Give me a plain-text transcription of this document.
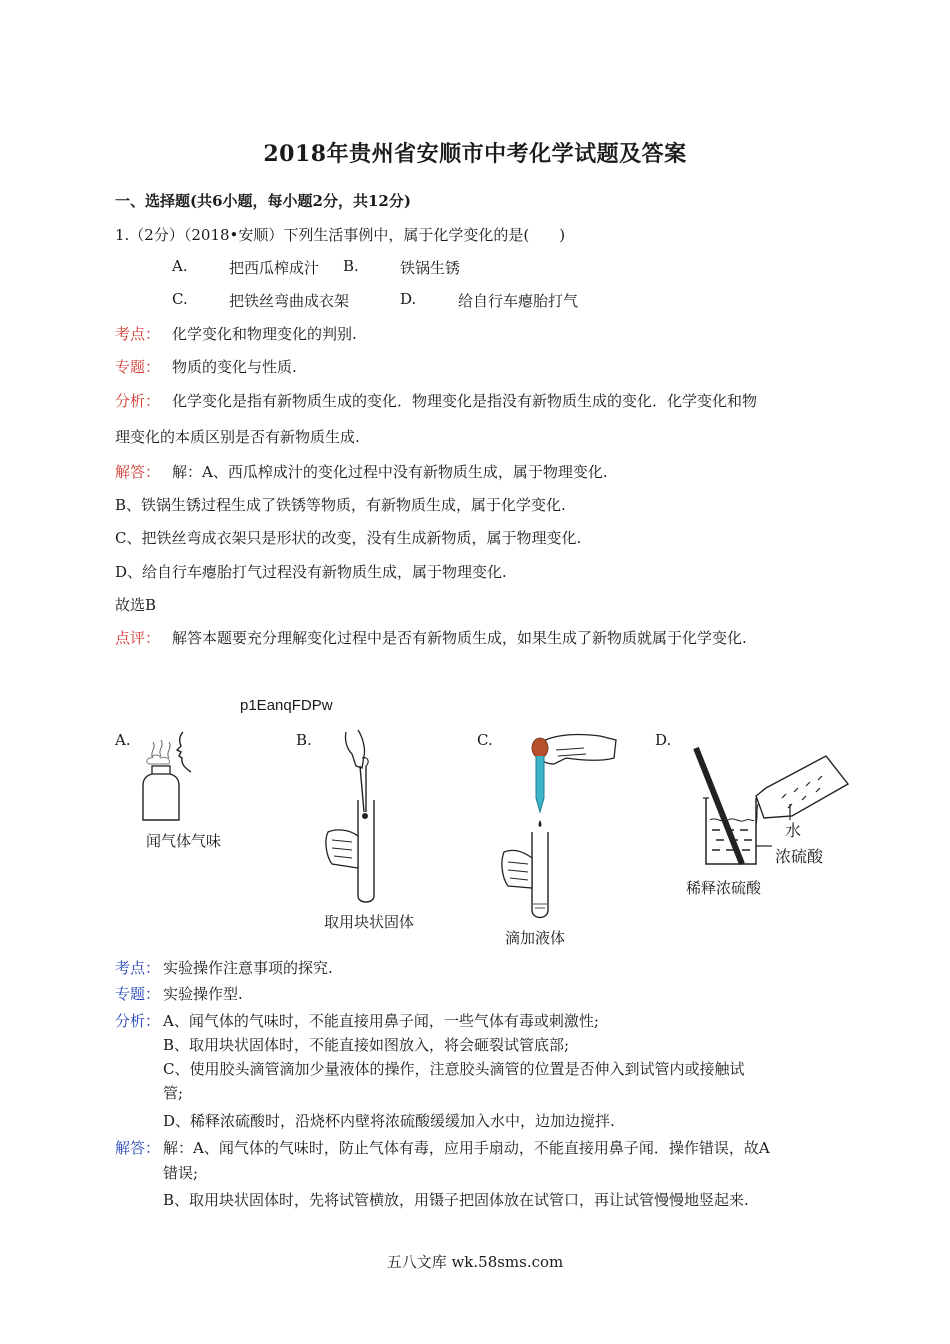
2018年贵州省安顺市中考化学试题及答案
一、选择题(共6小题，每小题2分，共12分)
1.（2分）（2018•安顺）下列生活事例中，属于化学变化的是(　　)
A.	把西瓜榨成汁 B.	铁锅生锈
C.	把铁丝弯曲成衣架	D.	给自行车瘪胎打气
考点： 化学变化和物理变化的判别.
专题： 物质的变化与性质.
分析： 化学变化是指有新物质生成的变化．物理变化是指没有新物质生成的变化．化学变化和物
理变化的本质区别是否有新物质生成.
解答： 解：A、西瓜榨成汁的变化过程中没有新物质生成，属于物理变化.
B、铁锅生锈过程生成了铁锈等物质，有新物质生成，属于化学变化.
C、把铁丝弯成衣架只是形状的改变，没有生成新物质，属于物理变化.
D、给自行车瘪胎打气过程没有新物质生成，属于物理变化.
故选B
点评： 解答本题要充分理解变化过程中是否有新物质生成，如果生成了新物质就属于化学变化.
p1EanqFDPw
A.	B.	C.	D.
闻气体气味
取用块状固体
滴加液体
水
浓硫酸
稀释浓硫酸
考点： 实验操作注意事项的探究.
专题： 实验操作型.
分析： A、闻气体的气味时，不能直接用鼻子闻，一些气体有毒或刺激性;
B、取用块状固体时，不能直接如图放入，将会砸裂试管底部;
C、使用胶头滴管滴加少量液体的操作，注意胶头滴管的位置是否伸入到试管内或接触试
管;
D、稀释浓硫酸时，沿烧杯内壁将浓硫酸缓缓加入水中，边加边搅拌.
解答： 解：A、闻气体的气味时，防止气体有毒，应用手扇动，不能直接用鼻子闻．操作错误，故A
错误;
B、取用块状固体时，先将试管横放，用镊子把固体放在试管口，再让试管慢慢地竖起来.
五八文库 wk.58sms.com
